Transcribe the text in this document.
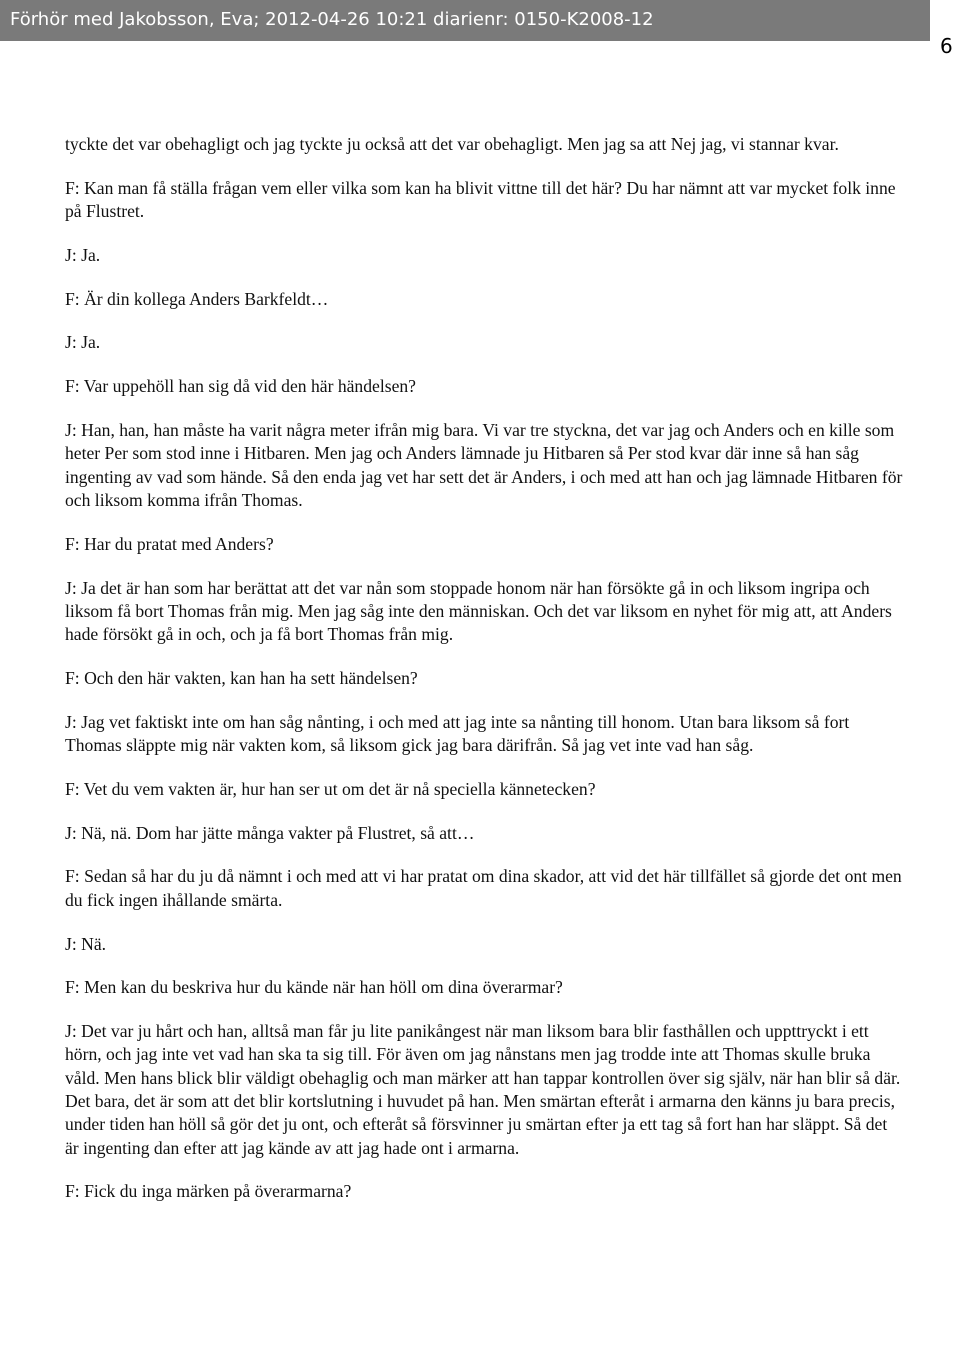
Förhör med Jakobsson, Eva; 2012-04-26 10:21 diarienr: 0150-K2008-12
6

tyckte det var obehagligt och jag tyckte ju också att det var obehagligt. Men jag sa att Nej jag, vi stannar kvar.

F: Kan man få ställa frågan vem eller vilka som kan ha blivit vittne till det här? Du har nämnt att var mycket folk inne på Flustret.

J: Ja.

F: Är din kollega Anders Barkfeldt…

J: Ja.

F: Var uppehöll han sig då vid den här händelsen?

J: Han, han, han måste ha varit några meter ifrån mig bara. Vi var tre styckna, det var jag och Anders och en kille som heter Per som stod inne i Hitbaren. Men jag och Anders lämnade ju Hitbaren så Per stod kvar där inne så han såg ingenting av vad som hände. Så den enda jag vet har sett det är Anders, i och med att han och jag lämnade Hitbaren för och liksom komma ifrån Thomas.

F: Har du pratat med Anders?

J: Ja det är han som har berättat att det var nån som stoppade honom när han försökte gå in och liksom ingripa och liksom få bort Thomas från mig. Men jag såg inte den människan. Och det var liksom en nyhet för mig att, att Anders hade försökt gå in och, och ja få bort Thomas från mig.

F: Och den här vakten, kan han ha sett händelsen?

J: Jag vet faktiskt inte om han såg nånting, i och med att jag inte sa nånting till honom. Utan bara liksom så fort Thomas släppte mig när vakten kom, så liksom gick jag bara därifrån. Så jag vet inte vad han såg.

F: Vet du vem vakten är, hur han ser ut om det är nå speciella kännetecken?

J: Nä, nä. Dom har jätte många vakter på Flustret, så att…

F: Sedan så har du ju då nämnt i och med att vi har pratat om dina skador, att vid det här tillfället så gjorde det ont men du fick ingen ihållande smärta.

J: Nä.

F: Men kan du beskriva hur du kände när han höll om dina överarmar?

J: Det var ju hårt och han, alltså man får ju lite panikångest när man liksom bara blir fasthållen och uppttryckt i ett hörn, och jag inte vet vad han ska ta sig till. För även om jag nånstans men jag trodde inte att Thomas skulle bruka våld. Men hans blick blir väldigt obehaglig och man märker att han tappar kontrollen över sig själv, när han blir så där. Det bara, det är som att det blir kortslutning i huvudet på han. Men smärtan efteråt i armarna den känns ju bara precis, under tiden han höll så gör det ju ont, och efteråt så försvinner ju smärtan efter ja ett tag så fort han har släppt. Så det är ingenting dan efter att jag kände av att jag hade ont i armarna.

F: Fick du inga märken på överarmarna?
